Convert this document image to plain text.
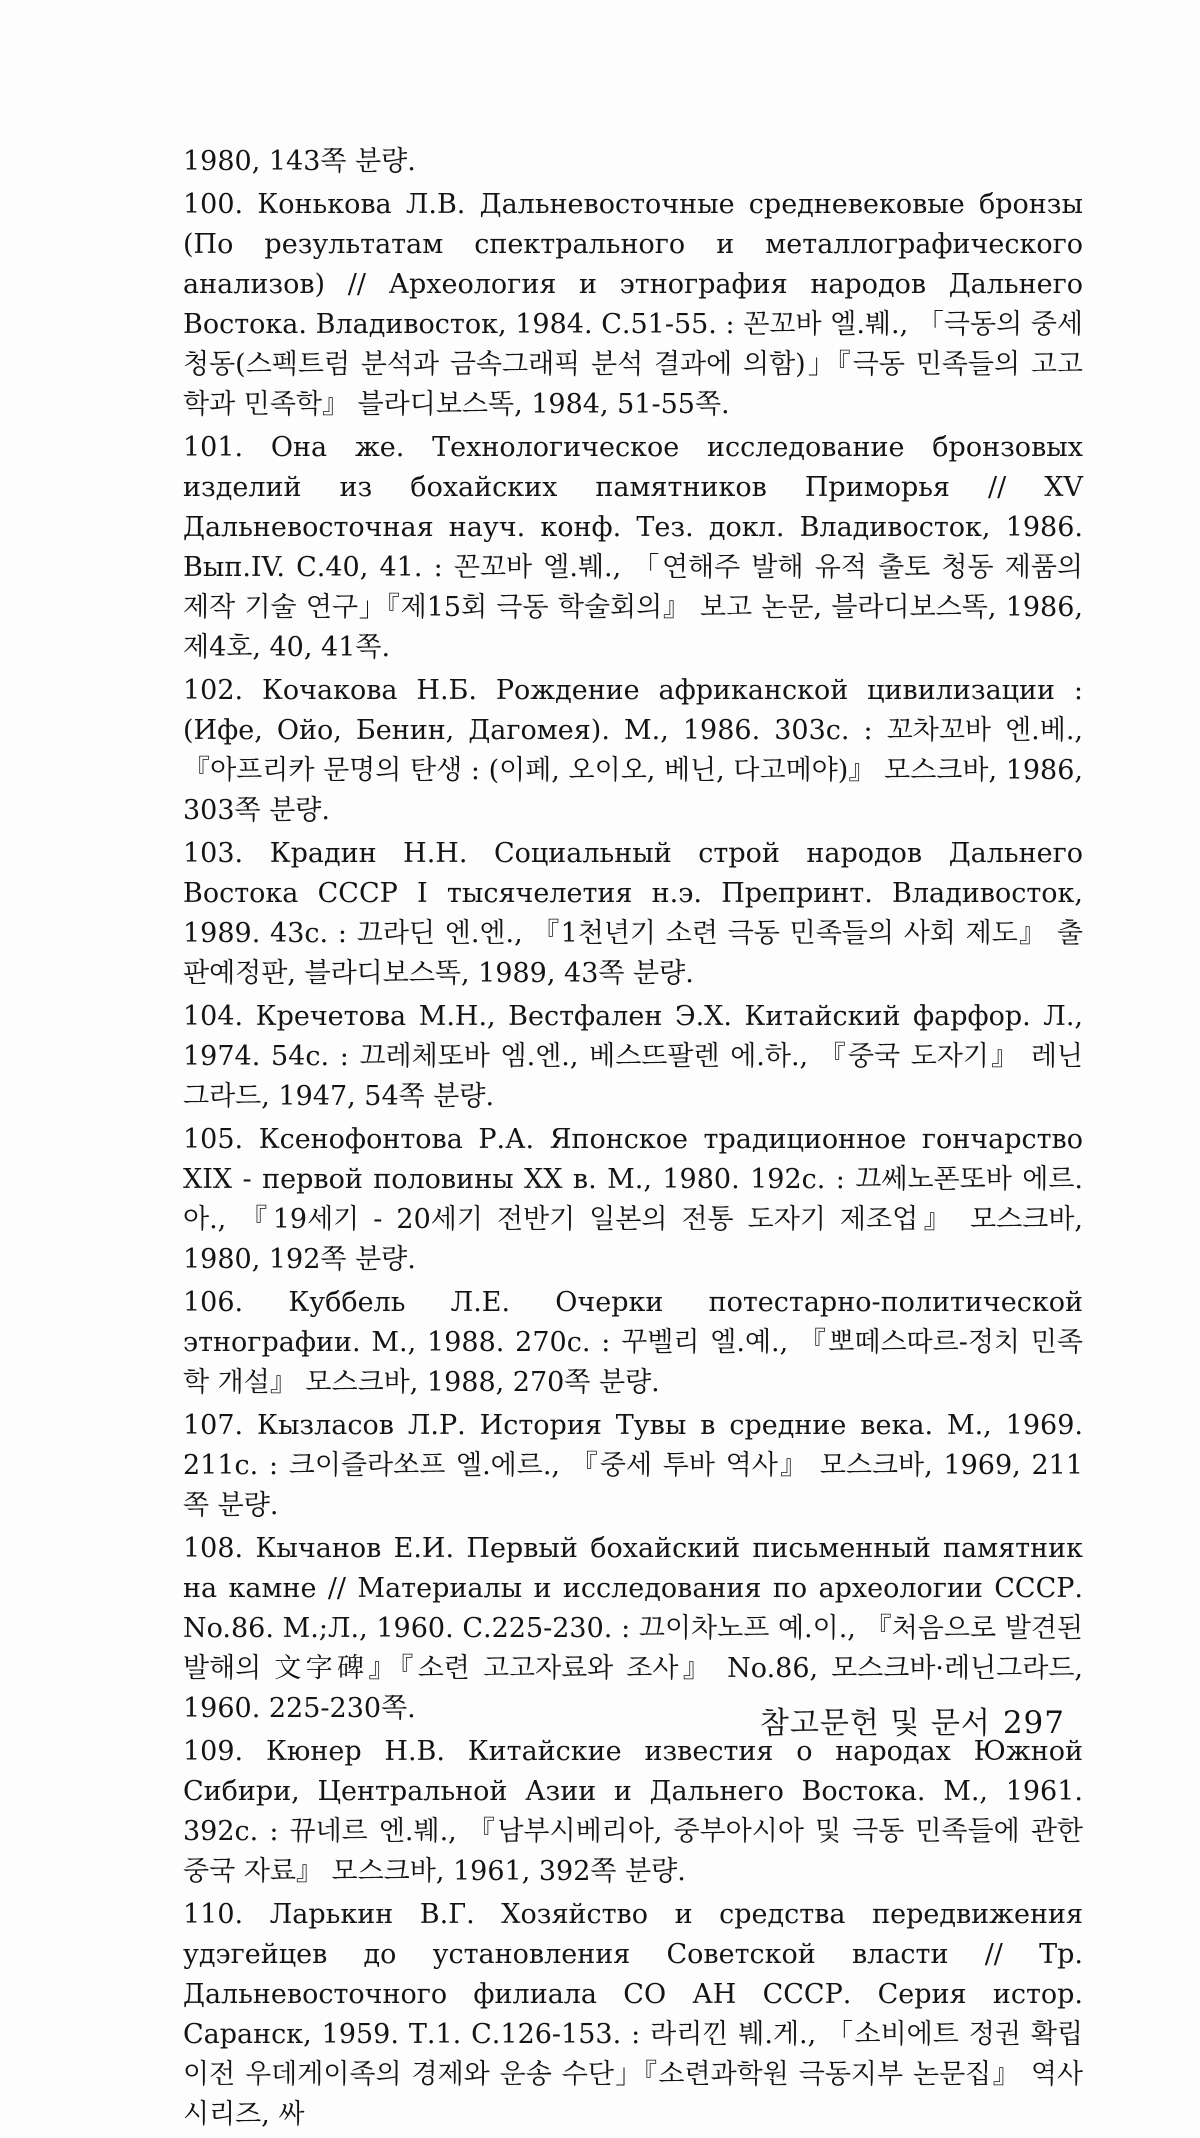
1980, 143쪽 분량.
100. Конькова Л.В. Дальневосточные средневековые бронзы (По результатам спектрального и металлографического анализов) // Археология и этнография народов Дальнего Востока. Владивосток, 1984. С.51-55. : 꼰꼬바 엘.붸., 「극동의 중세 청동(스펙트럼 분석과 금속그래픽 분석 결과에 의함)」『극동 민족들의 고고학과 민족학』 블라디보스똑, 1984, 51-55쪽.
101. Она же. Технологическое исследование бронзовых изделий из бохайских памятников Приморья // XV Дальневосточная науч. конф. Тез. докл. Владивосток, 1986. Вып.IV. С.40, 41. : 꼰꼬바 엘.붸., 「연해주 발해 유적 출토 청동 제품의 제작 기술 연구」『제15회 극동 학술회의』 보고 논문, 블라디보스똑, 1986, 제4호, 40, 41쪽.
102. Кочакова Н.Б. Рождение африканской цивилизации : (Ифе, Ойо, Бенин, Дагомея). М., 1986. 303с. : 꼬차꼬바 엔.베., 『아프리카 문명의 탄생 : (이페, 오이오, 베닌, 다고메야)』 모스크바, 1986, 303쪽 분량.
103. Крадин Н.Н. Социальный строй народов Дальнего Востока СССР I тысячелетия н.э. Препринт. Владивосток, 1989. 43с. : 끄라딘 엔.엔., 『1천년기 소련 극동 민족들의 사회 제도』 출판예정판, 블라디보스똑, 1989, 43쪽 분량.
104. Кречетова М.Н., Вестфален Э.Х. Китайский фарфор. Л., 1974. 54с. : 끄레체또바 엠.엔., 베스뜨팔렌 에.하., 『중국 도자기』 레닌그라드, 1947, 54쪽 분량.
105. Ксенофонтова Р.А. Японское традиционное гончарство XIX - первой половины XX в. М., 1980. 192с. : 끄쎄노폰또바 에르.아., 『19세기 - 20세기 전반기 일본의 전통 도자기 제조업』 모스크바, 1980, 192쪽 분량.
106. Куббель Л.Е. Очерки потестарно-политической этнографии. М., 1988. 270с. : 꾸벨리 엘.예., 『뽀떼스따르-정치 민족학 개설』 모스크바, 1988, 270쪽 분량.
107. Кызласов Л.Р. История Тувы в средние века. М., 1969. 211с. : 크이즐라쏘프 엘.에르., 『중세 투바 역사』 모스크바, 1969, 211쪽 분량.
108. Кычанов Е.И. Первый бохайский письменный памятник на камне // Материалы и исследования по археологии СССР. No.86. М.;Л., 1960. С.225-230. : 끄이차노프 예.이., 『처음으로 발견된 발해의 文字碑』『소련 고고자료와 조사』 No.86, 모스크바·레닌그라드, 1960. 225-230쪽.
109. Кюнер Н.В. Китайские известия о народах Южной Сибири, Центральной Азии и Дальнего Востока. М., 1961. 392с. : 뀨네르 엔.붸., 『남부시베리아, 중부아시아 및 극동 민족들에 관한 중국 자료』 모스크바, 1961, 392쪽 분량.
110. Ларькин В.Г. Хозяйство и средства передвижения удэгейцев до установления Советской власти // Тр. Дальневосточного филиала СО АН СССР. Серия истор. Саранск, 1959. Т.1. С.126-153. : 라리낀 붸.게., 「소비에트 정권 확립 이전 우데게이족의 경제와 운송 수단」『소련과학원 극동지부 논문집』 역사 시리즈, 싸
참고문헌 및 문서 297
